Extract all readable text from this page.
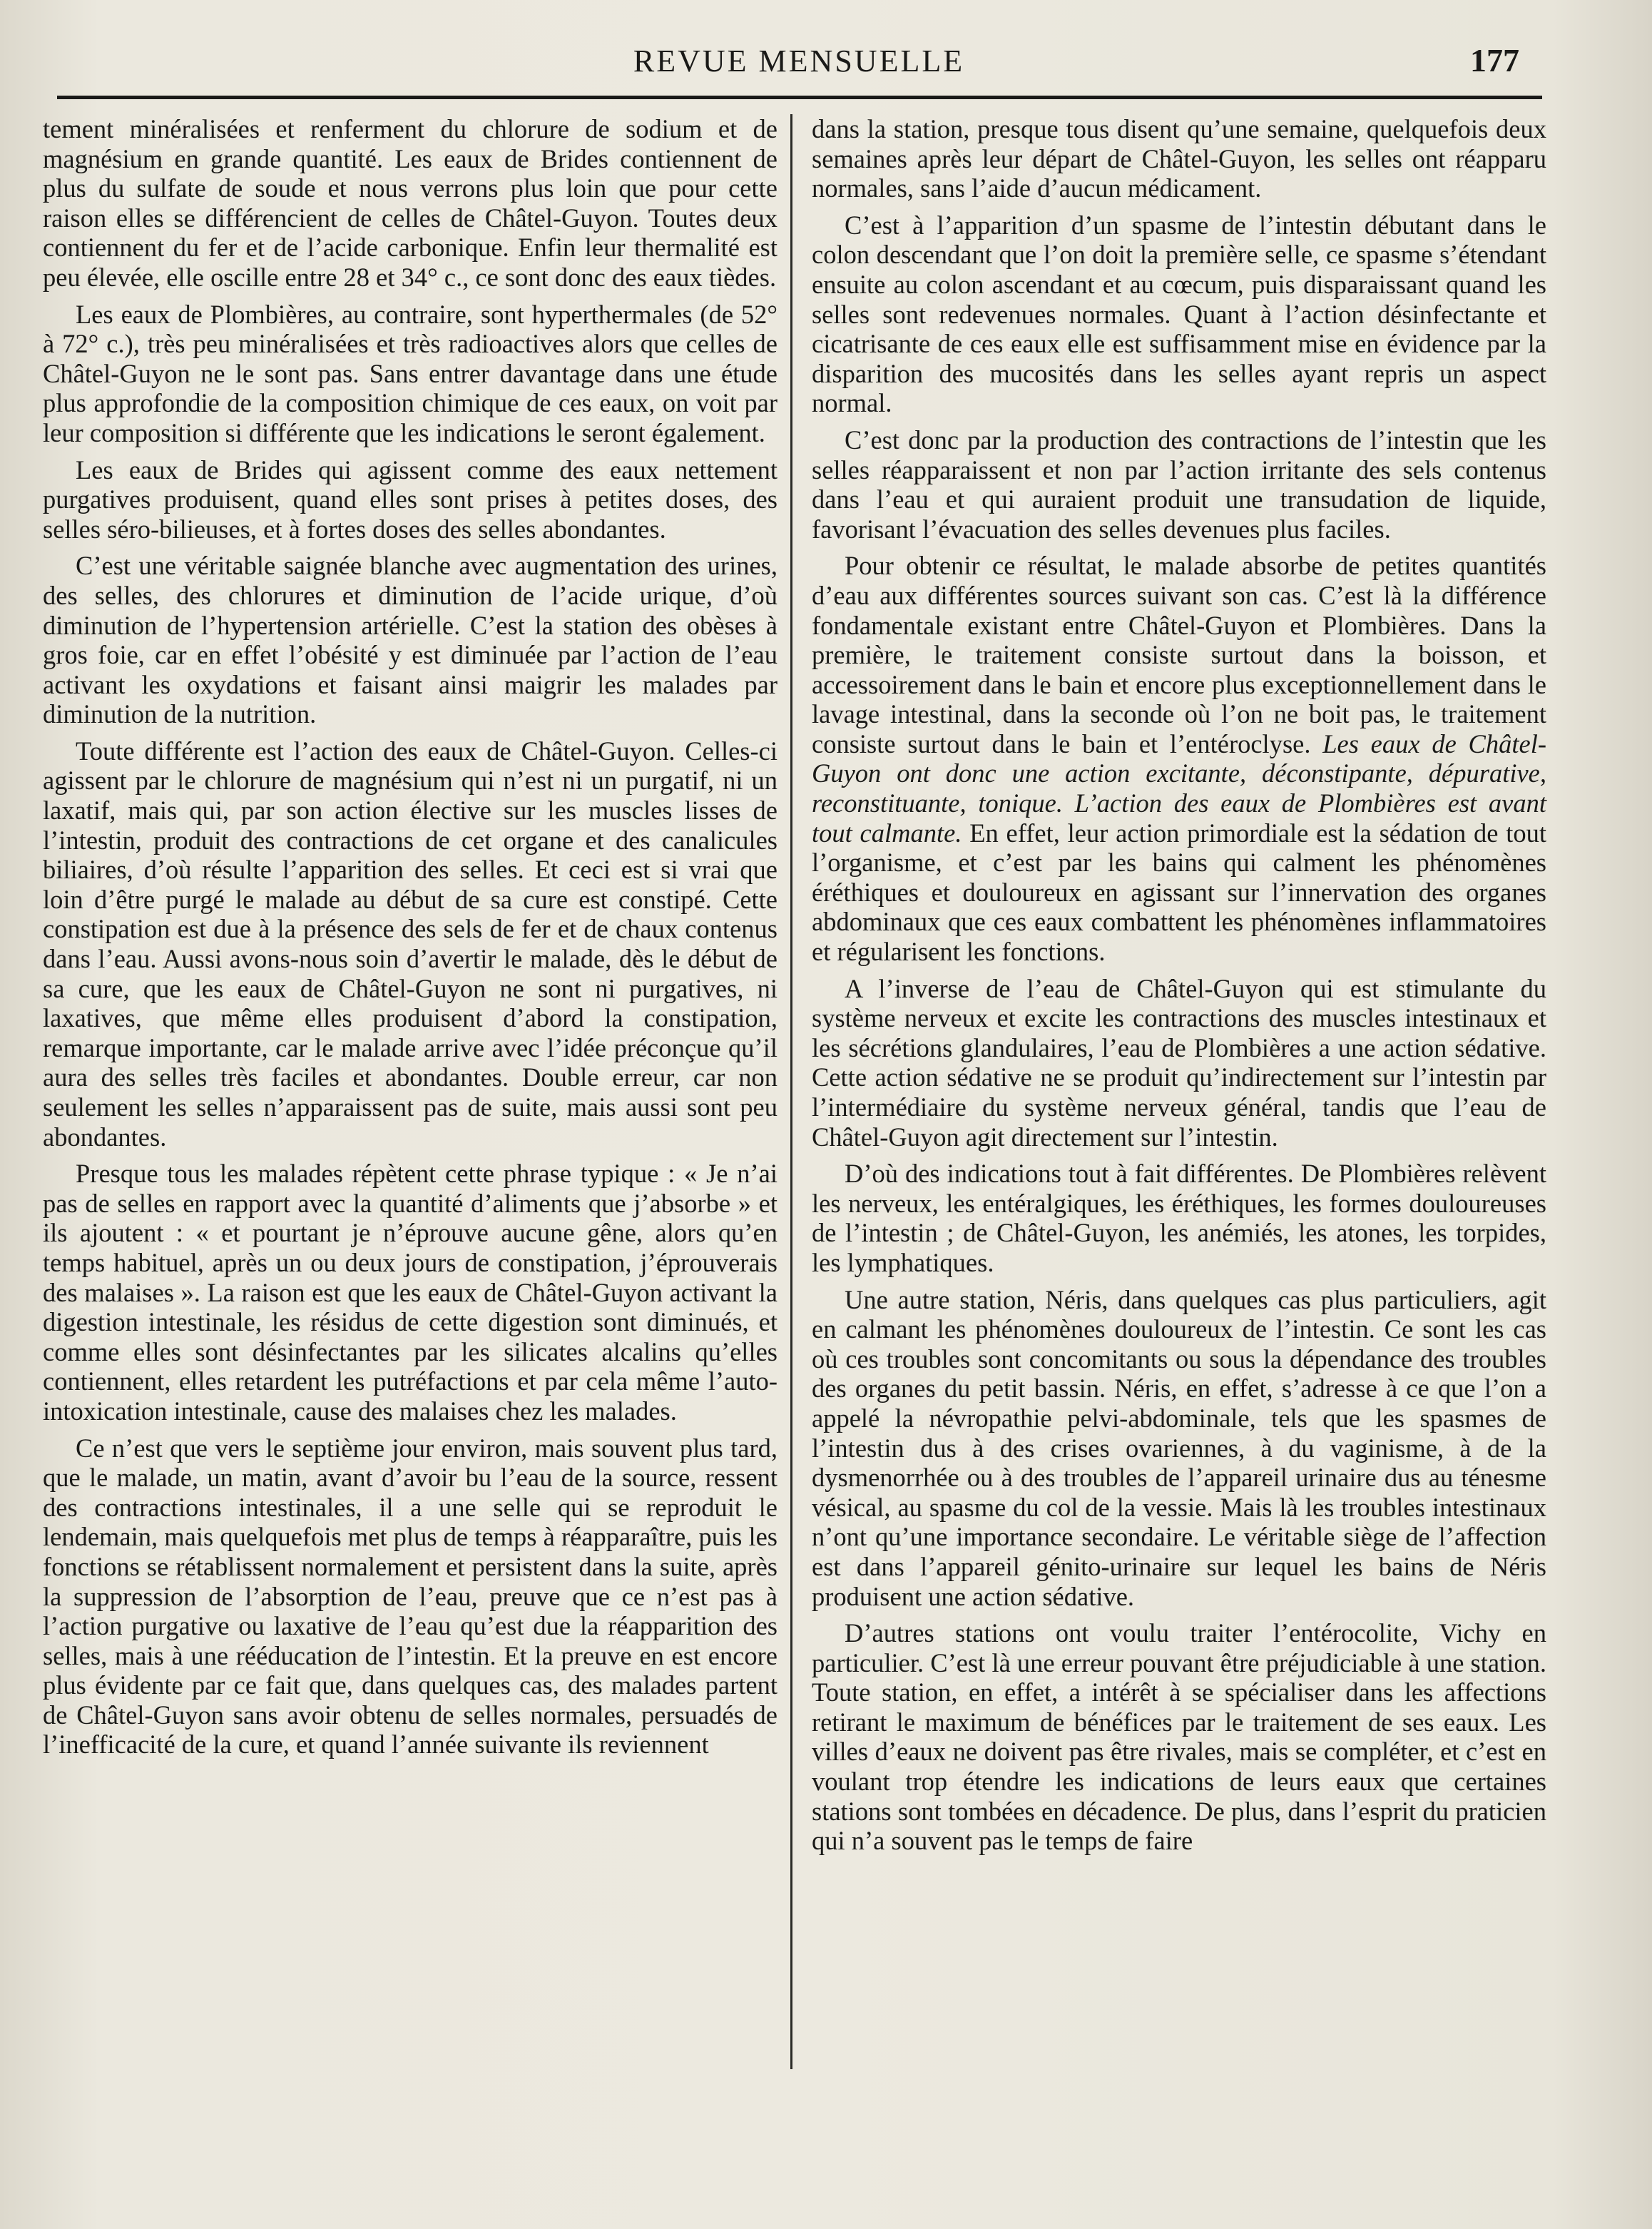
REVUE MENSUELLE	177

tement minéralisées et renferment du chlorure de sodium et de magnésium en grande quantité. Les eaux de Brides contiennent de plus du sulfate de soude et nous verrons plus loin que pour cette raison elles se différencient de celles de Châtel-Guyon. Toutes deux contiennent du fer et de l’acide carbonique. Enfin leur thermalité est peu élevée, elle oscille entre 28 et 34° c., ce sont donc des eaux tièdes.

Les eaux de Plombières, au contraire, sont hyperthermales (de 52° à 72° c.), très peu minéralisées et très radioactives alors que celles de Châtel-Guyon ne le sont pas. Sans entrer davantage dans une étude plus approfondie de la composition chimique de ces eaux, on voit par leur composition si différente que les indications le seront également.

Les eaux de Brides qui agissent comme des eaux nettement purgatives produisent, quand elles sont prises à petites doses, des selles séro-bilieuses, et à fortes doses des selles abondantes.

C’est une véritable saignée blanche avec augmentation des urines, des selles, des chlorures et diminution de l’acide urique, d’où diminution de l’hypertension artérielle. C’est la station des obèses à gros foie, car en effet l’obésité y est diminuée par l’action de l’eau activant les oxydations et faisant ainsi maigrir les malades par diminution de la nutrition.

Toute différente est l’action des eaux de Châtel-Guyon. Celles-ci agissent par le chlorure de magnésium qui n’est ni un purgatif, ni un laxatif, mais qui, par son action élective sur les muscles lisses de l’intestin, produit des contractions de cet organe et des canalicules biliaires, d’où résulte l’apparition des selles. Et ceci est si vrai que loin d’être purgé le malade au début de sa cure est constipé. Cette constipation est due à la présence des sels de fer et de chaux contenus dans l’eau. Aussi avons-nous soin d’avertir le malade, dès le début de sa cure, que les eaux de Châtel-Guyon ne sont ni purgatives, ni laxatives, que même elles produisent d’abord la constipation, remarque importante, car le malade arrive avec l’idée préconçue qu’il aura des selles très faciles et abondantes. Double erreur, car non seulement les selles n’apparaissent pas de suite, mais aussi sont peu abondantes.

Presque tous les malades répètent cette phrase typique : « Je n’ai pas de selles en rapport avec la quantité d’aliments que j’absorbe » et ils ajoutent : « et pourtant je n’éprouve aucune gêne, alors qu’en temps habituel, après un ou deux jours de constipation, j’éprouverais des malaises ». La raison est que les eaux de Châtel-Guyon activant la digestion intestinale, les résidus de cette digestion sont diminués, et comme elles sont désinfectantes par les silicates alcalins qu’elles contiennent, elles retardent les putréfactions et par cela même l’auto-intoxication intestinale, cause des malaises chez les malades.

Ce n’est que vers le septième jour environ, mais souvent plus tard, que le malade, un matin, avant d’avoir bu l’eau de la source, ressent des contractions intestinales, il a une selle qui se reproduit le lendemain, mais quelquefois met plus de temps à réapparaître, puis les fonctions se rétablissent normalement et persistent dans la suite, après la suppression de l’absorption de l’eau, preuve que ce n’est pas à l’action purgative ou laxative de l’eau qu’est due la réapparition des selles, mais à une rééducation de l’intestin. Et la preuve en est encore plus évidente par ce fait que, dans quelques cas, des malades partent de Châtel-Guyon sans avoir obtenu de selles normales, persuadés de l’inefficacité de la cure, et quand l’année suivante ils reviennent

dans la station, presque tous disent qu’une semaine, quelquefois deux semaines après leur départ de Châtel-Guyon, les selles ont réapparu normales, sans l’aide d’aucun médicament.

C’est à l’apparition d’un spasme de l’intestin débutant dans le colon descendant que l’on doit la première selle, ce spasme s’étendant ensuite au colon ascendant et au cœcum, puis disparaissant quand les selles sont redevenues normales. Quant à l’action désinfectante et cicatrisante de ces eaux elle est suffisamment mise en évidence par la disparition des mucosités dans les selles ayant repris un aspect normal.

C’est donc par la production des contractions de l’intestin que les selles réapparaissent et non par l’action irritante des sels contenus dans l’eau et qui auraient produit une transudation de liquide, favorisant l’évacuation des selles devenues plus faciles.

Pour obtenir ce résultat, le malade absorbe de petites quantités d’eau aux différentes sources suivant son cas. C’est là la différence fondamentale existant entre Châtel-Guyon et Plombières. Dans la première, le traitement consiste surtout dans la boisson, et accessoirement dans le bain et encore plus exceptionnellement dans le lavage intestinal, dans la seconde où l’on ne boit pas, le traitement consiste surtout dans le bain et l’entéroclyse. Les eaux de Châtel-Guyon ont donc une action excitante, déconstipante, dépurative, reconstituante, tonique. L’action des eaux de Plombières est avant tout calmante. En effet, leur action primordiale est la sédation de tout l’organisme, et c’est par les bains qui calment les phénomènes éréthiques et douloureux en agissant sur l’innervation des organes abdominaux que ces eaux combattent les phénomènes inflammatoires et régularisent les fonctions.

A l’inverse de l’eau de Châtel-Guyon qui est stimulante du système nerveux et excite les contractions des muscles intestinaux et les sécrétions glandulaires, l’eau de Plombières a une action sédative. Cette action sédative ne se produit qu’indirectement sur l’intestin par l’intermédiaire du système nerveux général, tandis que l’eau de Châtel-Guyon agit directement sur l’intestin.

D’où des indications tout à fait différentes. De Plombières relèvent les nerveux, les entéralgiques, les éréthiques, les formes douloureuses de l’intestin ; de Châtel-Guyon, les anémiés, les atones, les torpides, les lymphatiques.

Une autre station, Néris, dans quelques cas plus particuliers, agit en calmant les phénomènes douloureux de l’intestin. Ce sont les cas où ces troubles sont concomitants ou sous la dépendance des troubles des organes du petit bassin. Néris, en effet, s’adresse à ce que l’on a appelé la névropathie pelvi-abdominale, tels que les spasmes de l’intestin dus à des crises ovariennes, à du vaginisme, à de la dysmenorrhée ou à des troubles de l’appareil urinaire dus au ténesme vésical, au spasme du col de la vessie. Mais là les troubles intestinaux n’ont qu’une importance secondaire. Le véritable siège de l’affection est dans l’appareil génito-urinaire sur lequel les bains de Néris produisent une action sédative.

D’autres stations ont voulu traiter l’entérocolite, Vichy en particulier. C’est là une erreur pouvant être préjudiciable à une station. Toute station, en effet, a intérêt à se spécialiser dans les affections retirant le maximum de bénéfices par le traitement de ses eaux. Les villes d’eaux ne doivent pas être rivales, mais se compléter, et c’est en voulant trop étendre les indications de leurs eaux que certaines stations sont tombées en décadence. De plus, dans l’esprit du praticien qui n’a souvent pas le temps de faire
